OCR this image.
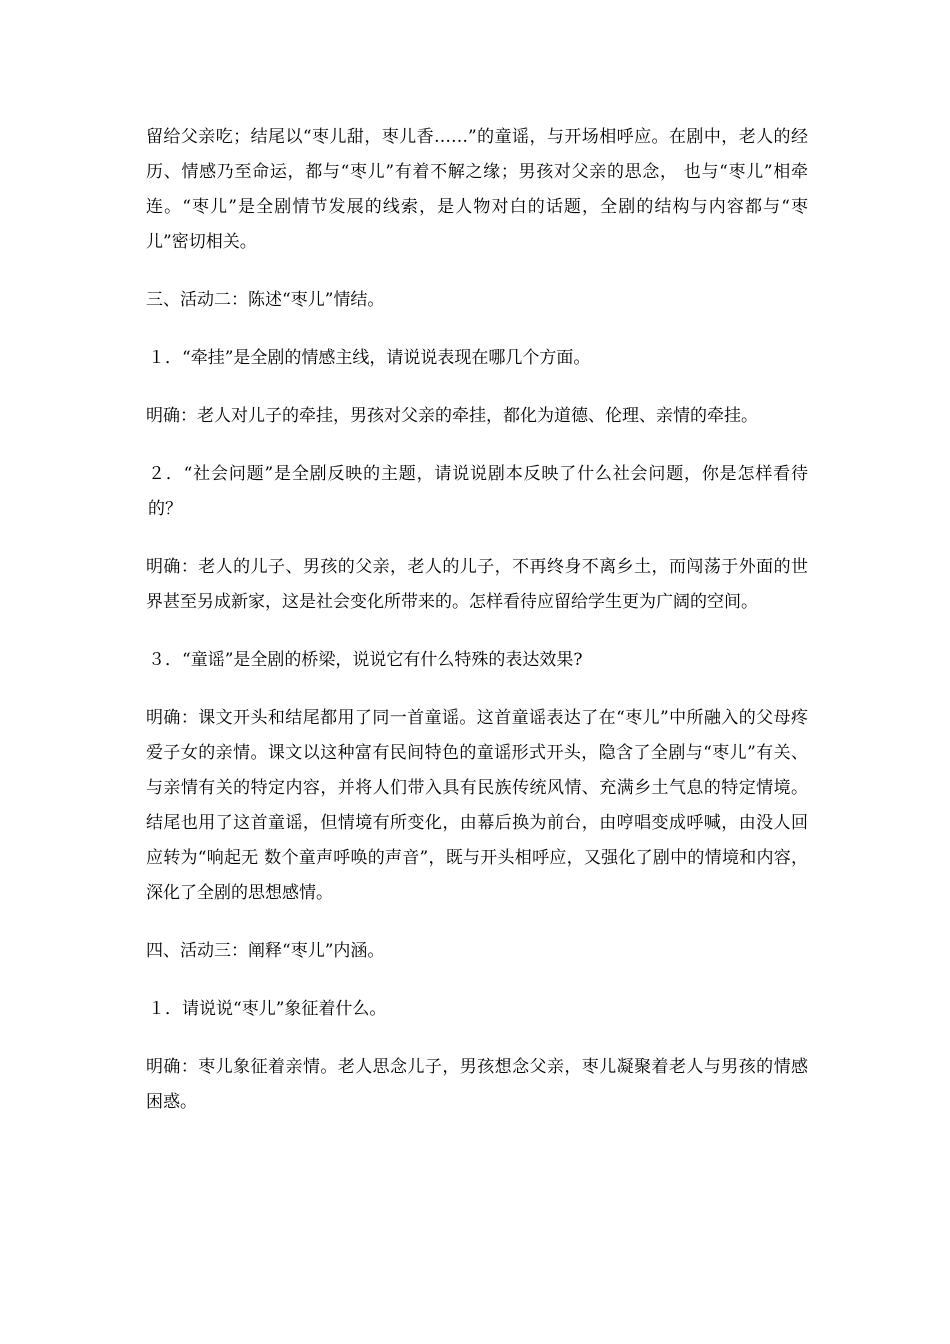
留给父亲吃；结尾以“枣儿甜，枣儿香……”的童谣，与开场相呼应。在剧中，老人的经历、情感乃至命运，都与“枣儿”有着不解之缘；男孩对父亲的思念， 也与“枣儿”相牵连。“枣儿”是全剧情节发展的线索，是人物对白的话题，全剧的结构与内容都与“枣儿”密切相关。

三、活动二：陈述“枣儿”情结。

１．“牵挂”是全剧的情感主线，请说说表现在哪几个方面。

明确：老人对儿子的牵挂，男孩对父亲的牵挂，都化为道德、伦理、亲情的牵挂。

２．“社会问题”是全剧反映的主题，请说说剧本反映了什么社会问题，你是怎样看待的？

明确：老人的儿子、男孩的父亲，老人的儿子，不再终身不离乡土，而闯荡于外面的世界甚至另成新家，这是社会变化所带来的。怎样看待应留给学生更为广阔的空间。

３．“童谣”是全剧的桥梁，说说它有什么特殊的表达效果?

明确：课文开头和结尾都用了同一首童谣。这首童谣表达了在“枣儿”中所融入的父母疼爱子女的亲情。课文以这种富有民间特色的童谣形式开头，隐含了全剧与“枣儿”有关、与亲情有关的特定内容，并将人们带入具有民族传统风情、充满乡土气息的特定情境。结尾也用了这首童谣，但情境有所变化，由幕后换为前台，由哼唱变成呼喊，由没人回应转为“响起无 数个童声呼唤的声音”，既与开头相呼应，又强化了剧中的情境和内容，深化了全剧的思想感情。

四、活动三：阐释“枣儿”内涵。

１．请说说“枣儿”象征着什么。

明确：枣儿象征着亲情。老人思念儿子，男孩想念父亲，枣儿凝聚着老人与男孩的情感困惑。
